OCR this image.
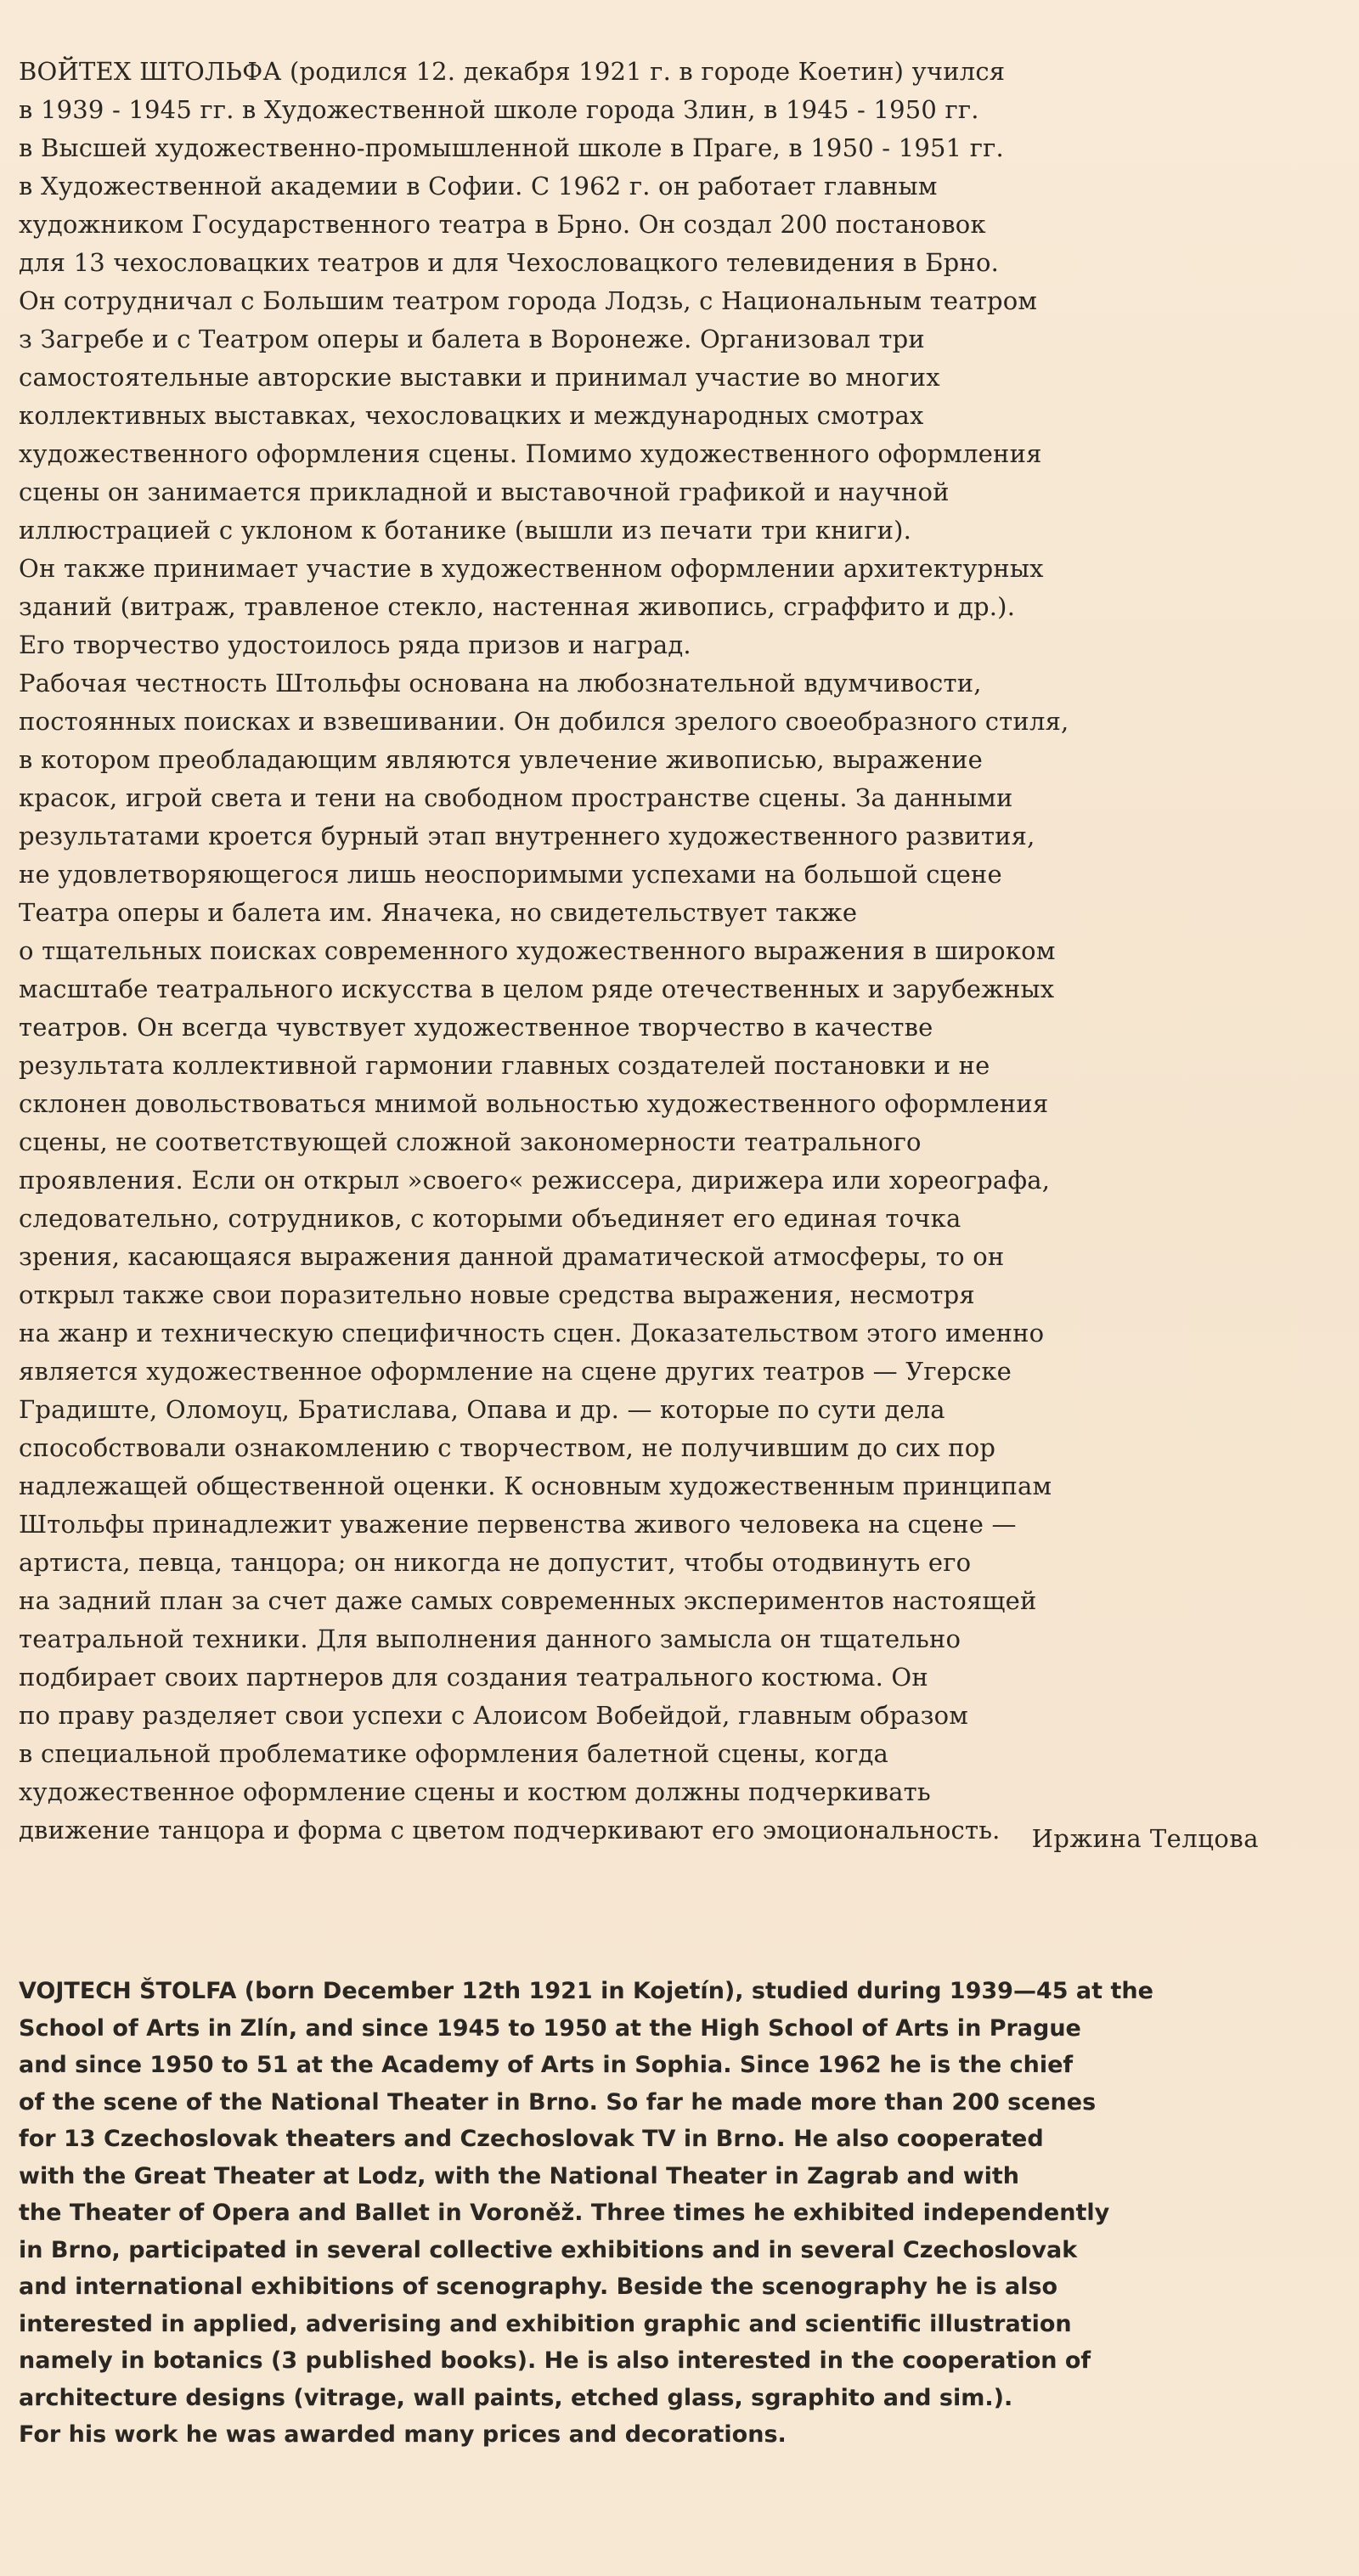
ВОЙТЕХ ШТОЛЬФА (родился 12. декабря 1921 г. в городе Коетин) учился
в 1939 - 1945 гг. в Художественной школе города Злин, в 1945 - 1950 гг.
в Высшей художественно-промышленной школе в Праге, в 1950 - 1951 гг.
в Художественной академии в Софии. С 1962 г. он работает главным
художником Государственного театра в Брно. Он создал 200 постановок
для 13 чехословацких театров и для Чехословацкого телевидения в Брно.
Он сотрудничал с Большим театром города Лодзь, с Национальным театром
з Загребе и с Театром оперы и балета в Воронеже. Организовал три
самостоятельные авторские выставки и принимал участие во многих
коллективных выставках, чехословацких и международных смотрах
художественного оформления сцены. Помимо художественного оформления
сцены он занимается прикладной и выставочной графикой и научной
иллюстрацией с уклоном к ботанике (вышли из печати три книги).
Он также принимает участие в художественном оформлении архитектурных
зданий (витраж, травленое стекло, настенная живопись, сграффито и др.).
Его творчество удостоилось ряда призов и наград.
Рабочая честность Штольфы основана на любознательной вдумчивости,
постоянных поисках и взвешивании. Он добился зрелого своеобразного стиля,
в котором преобладающим являются увлечение живописью, выражение
красок, игрой света и тени на свободном пространстве сцены. За данными
результатами кроется бурный этап внутреннего художественного развития,
не удовлетворяющегося лишь неоспоримыми успехами на большой сцене
Театра оперы и балета им. Яначека, но свидетельствует также
о тщательных поисках современного художественного выражения в широком
масштабе театрального искусства в целом ряде отечественных и зарубежных
театров. Он всегда чувствует художественное творчество в качестве
результата коллективной гармонии главных создателей постановки и не
склонен довольствоваться мнимой вольностью художественного оформления
сцены, не соответствующей сложной закономерности театрального
проявления. Если он открыл »своего« режиссера, дирижера или хореографа,
следовательно, сотрудников, с которыми объединяет его единая точка
зрения, касающаяся выражения данной драматической атмосферы, то он
открыл также свои поразительно новые средства выражения, несмотря
на жанр и техническую специфичность сцен. Доказательством этого именно
является художественное оформление на сцене других театров — Угерске
Градиште, Оломоуц, Братислава, Опава и др. — которые по сути дела
способствовали ознакомлению с творчеством, не получившим до сих пор
надлежащей общественной оценки. К основным художественным принципам
Штольфы принадлежит уважение первенства живого человека на сцене —
артиста, певца, танцора; он никогда не допустит, чтобы отодвинуть его
на задний план за счет даже самых современных экспериментов настоящей
театральной техники. Для выполнения данного замысла он тщательно
подбирает своих партнеров для создания театрального костюма. Он
по праву разделяет свои успехи с Алоисом Вобейдой, главным образом
в специальной проблематике оформления балетной сцены, когда
художественное оформление сцены и костюм должны подчеркивать
движение танцора и форма с цветом подчеркивают его эмоциональность.	Иржина Телцова
VOJTECH ŠTOLFA (born December 12th 1921 in Kojetín), studied during 1939—45 at the
School of Arts in Zlín, and since 1945 to 1950 at the High School of Arts in Prague
and since 1950 to 51 at the Academy of Arts in Sophia. Since 1962 he is the chief
of the scene of the National Theater in Brno. So far he made more than 200 scenes
for 13 Czechoslovak theaters and Czechoslovak TV in Brno. He also cooperated
with the Great Theater at Lodz, with the National Theater in Zagrab and with
the Theater of Opera and Ballet in Voroněž. Three times he exhibited independently
in Brno, participated in several collective exhibitions and in several Czechoslovak
and international exhibitions of scenography. Beside the scenography he is also
interested in applied, adverising and exhibition graphic and scientific illustration
namely in botanics (3 published books). He is also interested in the cooperation of
architecture designs (vitrage, wall paints, etched glass, sgraphito and sim.).
For his work he was awarded many prices and decorations.
